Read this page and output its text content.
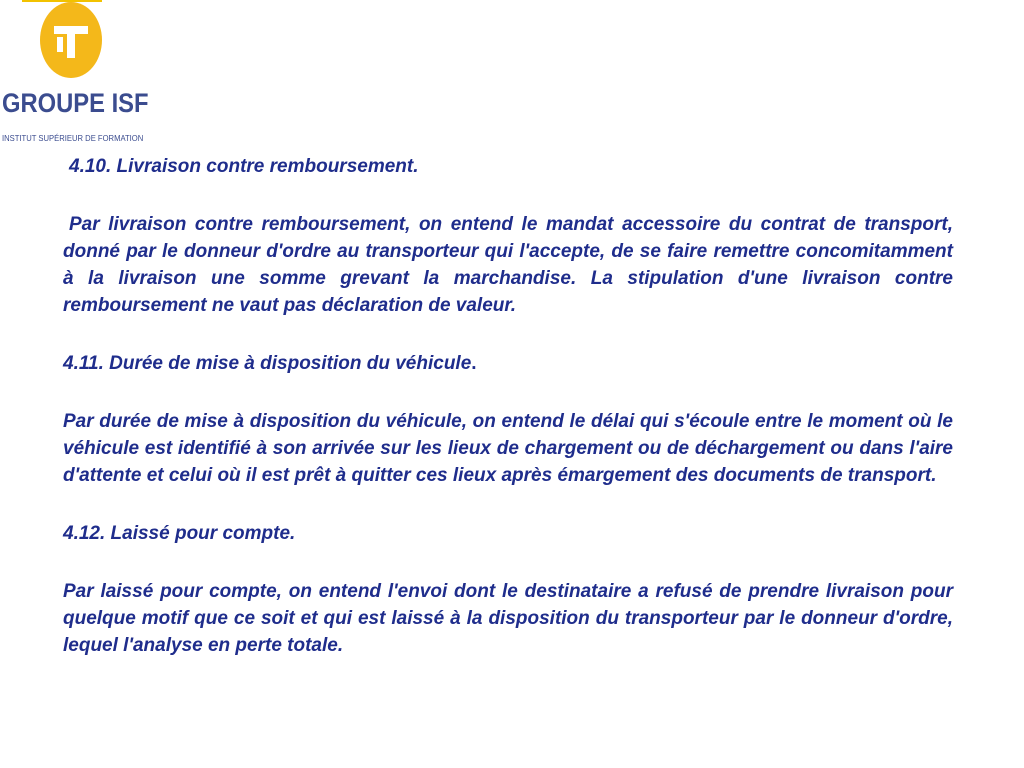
GROUPE ISF
INSTITUT SUPÉRIEUR DE FORMATION

4.10. Livraison contre remboursement.

Par livraison contre remboursement, on entend le mandat accessoire du contrat de transport, donné par le donneur d'ordre au transporteur qui l'accepte, de se faire remettre concomitamment à la livraison une somme grevant la marchandise. La stipulation d'une livraison contre remboursement ne vaut pas déclaration de valeur.

4.11. Durée de mise à disposition du véhicule.

Par durée de mise à disposition du véhicule, on entend le délai qui s'écoule entre le moment où le véhicule est identifié à son arrivée sur les lieux de chargement ou de déchargement ou dans l'aire d'attente et celui où il est prêt à quitter ces lieux après émargement des documents de transport.

4.12. Laissé pour compte.

Par laissé pour compte, on entend l'envoi dont le destinataire a refusé de prendre livraison pour quelque motif que ce soit et qui est laissé à la disposition du transporteur par le donneur d'ordre, lequel l'analyse en perte totale.
